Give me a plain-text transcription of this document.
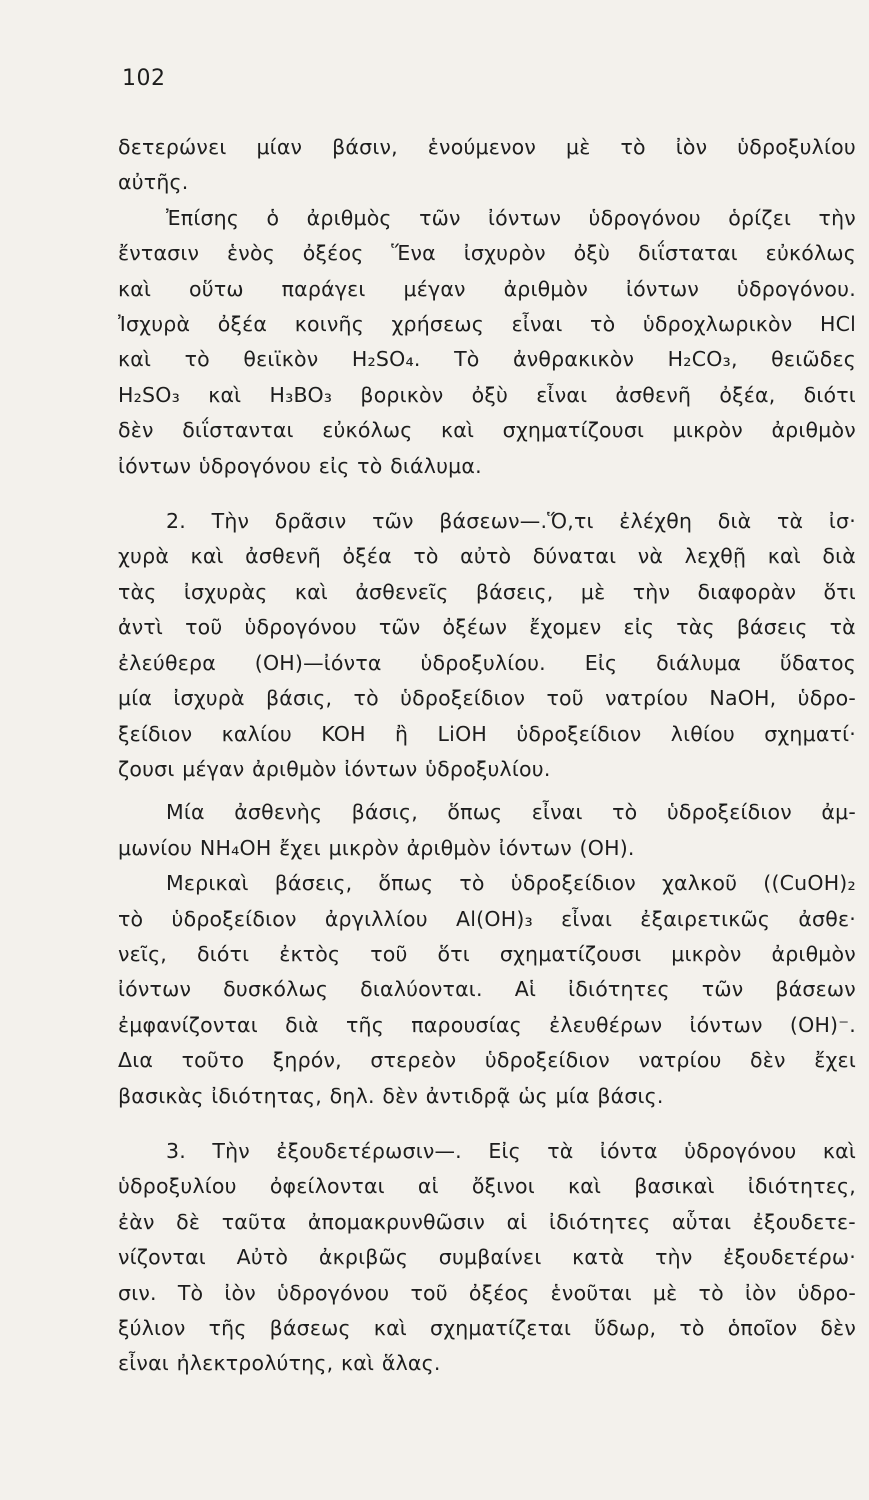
102
δετερώνει μίαν βάσιν, ἑνούμενον μὲ τὸ ἰὸν ὑδροξυλίου
αὐτῆς.
Ἐπίσης ὁ ἀριθμὸς τῶν ἰόντων ὑδρογόνου ὁρίζει τὴν
ἔντασιν ἑνὸς ὀξέος Ἕνα ἰσχυρὸν ὀξὺ διΐσταται εὐκόλως
καὶ οὕτω παράγει μέγαν ἀριθμὸν ἰόντων ὑδρογόνου.
Ἰσχυρὰ ὀξέα κοινῆς χρήσεως εἶναι τὸ ὑδροχλωρικὸν HCl
καὶ τὸ θειϊκὸν H₂SO₄. Τὸ ἀνθρακικὸν H₂CO₃, θειῶδες
H₂SO₃ καὶ H₃BO₃ βορικὸν ὀξὺ εἶναι ἀσθενῆ ὀξέα, διότι
δὲν διΐστανται εὐκόλως καὶ σχηματίζουσι μικρὸν ἀριθμὸν
ἰόντων ὑδρογόνου εἰς τὸ διάλυμα.
2. Τὴν δρᾶσιν τῶν βάσεων—.Ὅ,τι ἐλέχθη διὰ τὰ ἰσ·
χυρὰ καὶ ἀσθενῆ ὀξέα τὸ αὐτὸ δύναται νὰ λεχθῇ καὶ διὰ
τὰς ἰσχυρὰς καὶ ἀσθενεῖς βάσεις, μὲ τὴν διαφορὰν ὅτι
ἀντὶ τοῦ ὑδρογόνου τῶν ὀξέων ἔχομεν εἰς τὰς βάσεις τὰ
ἐλεύθερα (OH)—ἰόντα ὑδροξυλίου. Εἰς διάλυμα ὕδατος
μία ἰσχυρὰ βάσις, τὸ ὑδροξείδιον τοῦ νατρίου NaOH, ὑδρο-
ξείδιον καλίου KOH ἢ LiOH ὑδροξείδιον λιθίου σχηματί·
ζουσι μέγαν ἀριθμὸν ἰόντων ὑδροξυλίου.
Μία ἀσθενὴς βάσις, ὅπως εἶναι τὸ ὑδροξείδιον ἀμ-
μωνίου NH₄OH ἔχει μικρὸν ἀριθμὸν ἰόντων (OH).
Μερικαὶ βάσεις, ὅπως τὸ ὑδροξείδιον χαλκοῦ ((CuOH)₂
τὸ ὑδροξείδιον ἀργιλλίου Al(OH)₃ εἶναι ἐξαιρετικῶς ἀσθε·
νεῖς, διότι ἐκτὸς τοῦ ὅτι σχηματίζουσι μικρὸν ἀριθμὸν
ἰόντων δυσκόλως διαλύονται. Αἱ ἰδιότητες τῶν βάσεων
ἐμφανίζονται διὰ τῆς παρουσίας ἐλευθέρων ἰόντων (OH)⁻.
Δια τοῦτο ξηρόν, στερεὸν ὑδροξείδιον νατρίου δὲν ἔχει
βασικὰς ἰδιότητας, δηλ. δὲν ἀντιδρᾷ ὡς μία βάσις.
3. Τὴν ἐξουδετέρωσιν—. Εἰς τὰ ἰόντα ὑδρογόνου καὶ
ὑδροξυλίου ὀφείλονται αἱ ὄξινοι καὶ βασικαὶ ἰδιότητες,
ἐὰν δὲ ταῦτα ἀπομακρυνθῶσιν αἱ ἰδιότητες αὗται ἐξουδετε-
νίζονται Αὐτὸ ἀκριβῶς συμβαίνει κατὰ τὴν ἐξουδετέρω·
σιν. Τὸ ἰὸν ὑδρογόνου τοῦ ὀξέος ἑνοῦται μὲ τὸ ἰὸν ὑδρο-
ξύλιον τῆς βάσεως καὶ σχηματίζεται ὕδωρ, τὸ ὁποῖον δὲν
εἶναι ἠλεκτρολύτης, καὶ ἅλας.
